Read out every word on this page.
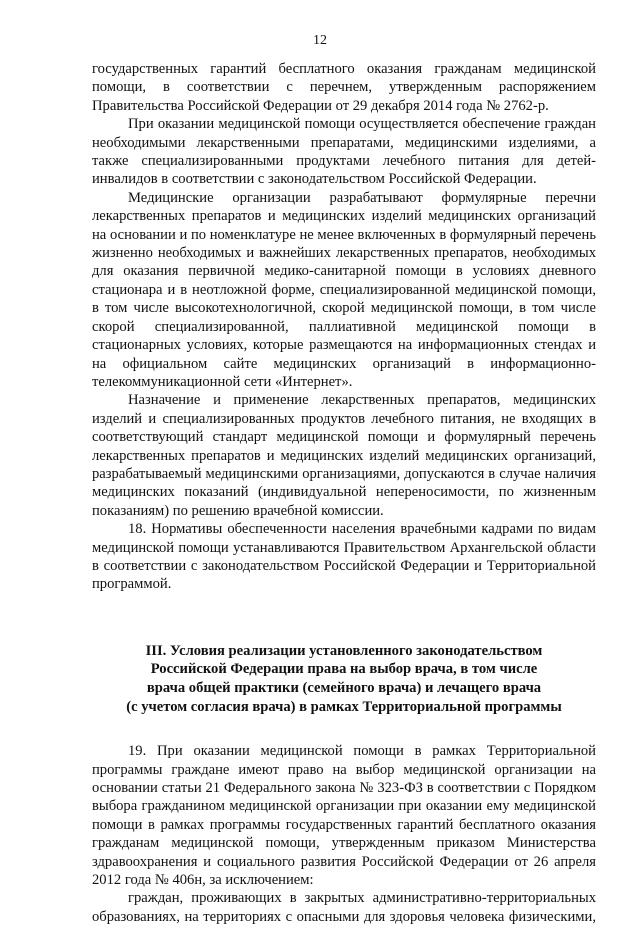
12

государственных гарантий бесплатного оказания гражданам медицинской помощи, в соответствии с перечнем, утвержденным распоряжением Правительства Российской Федерации от 29 декабря 2014 года № 2762-р.

При оказании медицинской помощи осуществляется обеспечение граждан необходимыми лекарственными препаратами, медицинскими изделиями, а также специализированными продуктами лечебного питания для детей-инвалидов в соответствии с законодательством Российской Федерации.

Медицинские организации разрабатывают формулярные перечни лекарственных препаратов и медицинских изделий медицинских организаций на основании и по номенклатуре не менее включенных в формулярный перечень жизненно необходимых и важнейших лекарственных препаратов, необходимых для оказания первичной медико-санитарной помощи в условиях дневного стационара и в неотложной форме, специализированной медицинской помощи, в том числе высокотехнологичной, скорой медицинской помощи, в том числе скорой специализированной, паллиативной медицинской помощи в стационарных условиях, которые размещаются на информационных стендах и на официальном сайте медицинских организаций в информационно-телекоммуникационной сети «Интернет».

Назначение и применение лекарственных препаратов, медицинских изделий и специализированных продуктов лечебного питания, не входящих в соответствующий стандарт медицинской помощи и формулярный перечень лекарственных препаратов и медицинских изделий медицинских организаций, разрабатываемый медицинскими организациями, допускаются в случае наличия медицинских показаний (индивидуальной непереносимости, по жизненным показаниям) по решению врачебной комиссии.

18. Нормативы обеспеченности населения врачебными кадрами по видам медицинской помощи устанавливаются Правительством Архангельской области в соответствии с законодательством Российской Федерации и Территориальной программой.

III. Условия реализации установленного законодательством
Российской Федерации права на выбор врача, в том числе
врача общей практики (семейного врача) и лечащего врача
(с учетом согласия врача) в рамках Территориальной программы

19. При оказании медицинской помощи в рамках Территориальной программы граждане имеют право на выбор медицинской организации на основании статьи 21 Федерального закона № 323-ФЗ в соответствии с Порядком выбора гражданином медицинской организации при оказании ему медицинской помощи в рамках программы государственных гарантий бесплатного оказания гражданам медицинской помощи, утвержденным приказом Министерства здравоохранения и социального развития Российской Федерации от 26 апреля 2012 года № 406н, за исключением:

граждан, проживающих в закрытых административно-территориальных образованиях, на территориях с опасными для здоровья человека физическими,
